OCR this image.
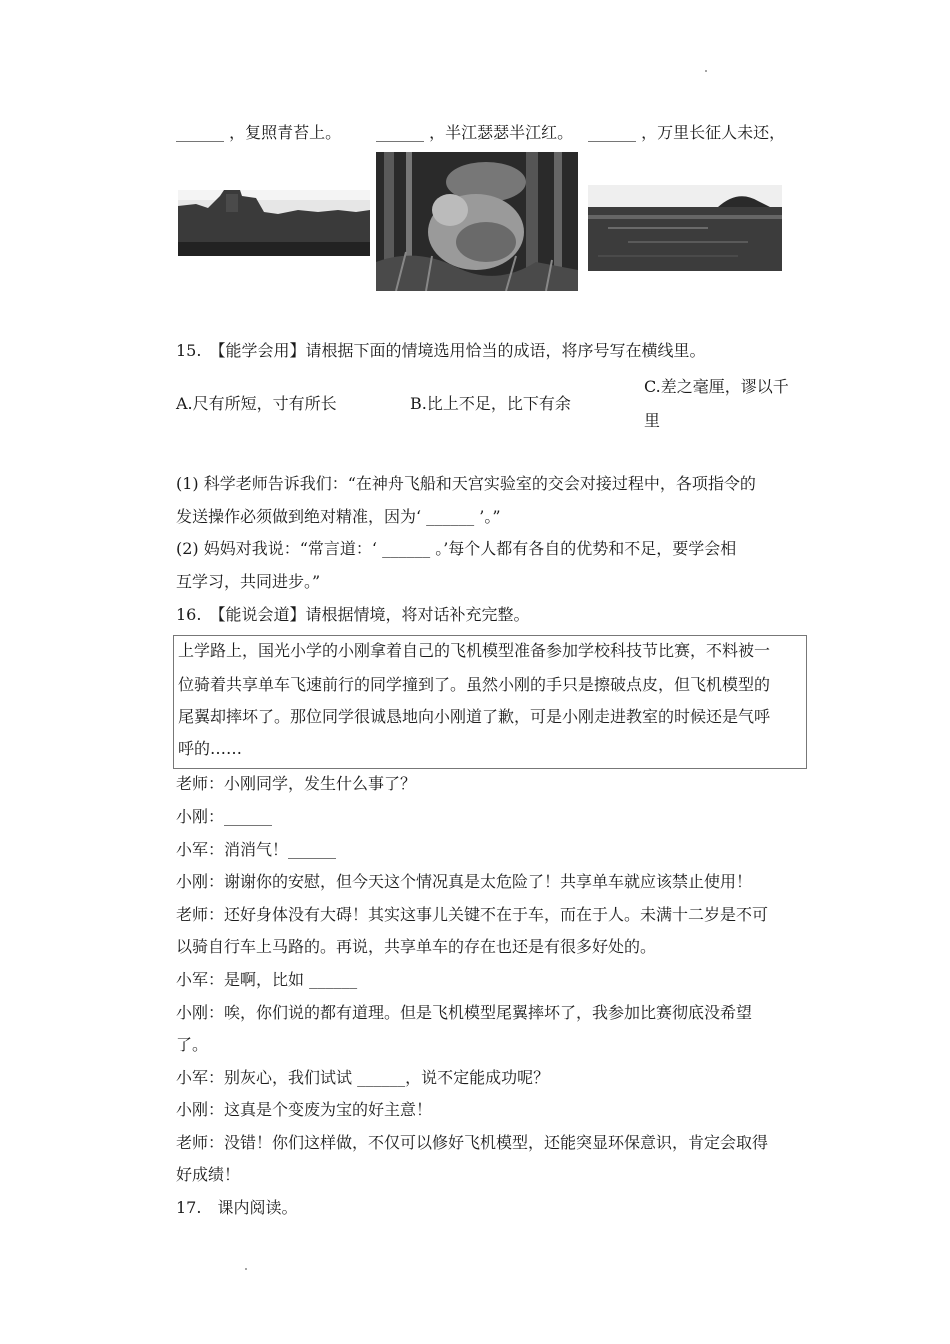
______ ，复照青苔上。 ______ ，半江瑟瑟半江红。 ______ ，万里长征人未还，
15.　【能学会用】请根据下面的情境选用恰当的成语，将序号写在横线里。
A.尺有所短，寸有所长	B.比上不足，比下有余
C.差之毫厘，谬以千
里
(1) 科学老师告诉我们：“在神舟飞船和天宫实验室的交会对接过程中，各项指令的
发送操作必须做到绝对精准，因为‘ ______ ’。”
(2) 妈妈对我说：“常言道：‘ ______ 。’每个人都有各自的优势和不足，要学会相
互学习，共同进步。”
16.　【能说会道】请根据情境，将对话补充完整。
上学路上，国光小学的小刚拿着自己的飞机模型准备参加学校科技节比赛，不料被一
位骑着共享单车飞速前行的同学撞到了。虽然小刚的手只是擦破点皮，但飞机模型的
尾翼却摔坏了。那位同学很诚恳地向小刚道了歉，可是小刚走进教室的时候还是气呼
呼的……
老师：小刚同学，发生什么事了？
小刚：______
小军：消消气！______
小刚：谢谢你的安慰，但今天这个情况真是太危险了！共享单车就应该禁止使用！
老师：还好身体没有大碍！其实这事儿关键不在于车，而在于人。未满十二岁是不可
以骑自行车上马路的。再说，共享单车的存在也还是有很多好处的。
小军：是啊，比如 ______
小刚：唉，你们说的都有道理。但是飞机模型尾翼摔坏了，我参加比赛彻底没希望
了。
小军：别灰心，我们试试 ______，说不定能成功呢？
小刚：这真是个变废为宝的好主意！
老师：没错！你们这样做，不仅可以修好飞机模型，还能突显环保意识，肯定会取得
好成绩！
17.　课内阅读。
